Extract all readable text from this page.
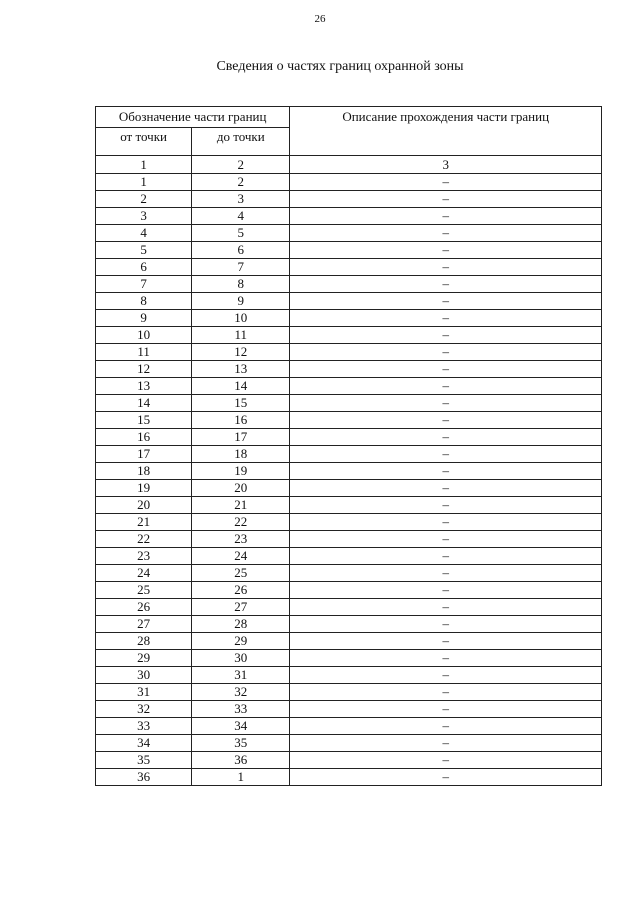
26
Сведения о частях границ охранной зоны
Обозначение части границ		Описание прохождения части границ
от точки	до точки	
1	2	3
1	2	–
2	3	–
3	4	–
4	5	–
5	6	–
6	7	–
7	8	–
8	9	–
9	10	–
10	11	–
11	12	–
12	13	–
13	14	–
14	15	–
15	16	–
16	17	–
17	18	–
18	19	–
19	20	–
20	21	–
21	22	–
22	23	–
23	24	–
24	25	–
25	26	–
26	27	–
27	28	–
28	29	–
29	30	–
30	31	–
31	32	–
32	33	–
33	34	–
34	35	–
35	36	–
36	1	–
